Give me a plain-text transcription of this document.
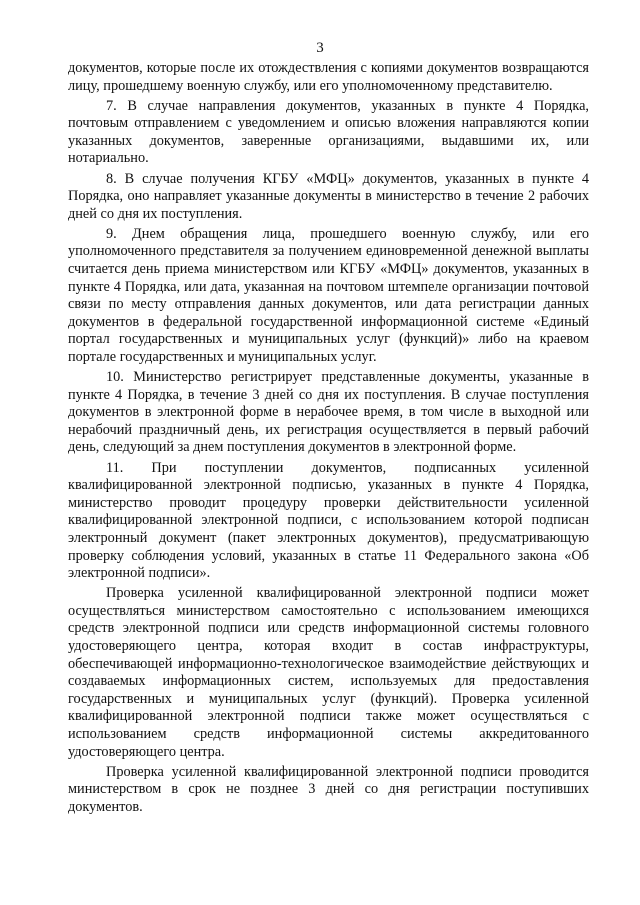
3

документов, которые после их отождествления с копиями документов возвращаются лицу, прошедшему военную службу, или его уполномоченному представителю.

7. В случае направления документов, указанных в пункте 4 Порядка, почтовым отправлением с уведомлением и описью вложения направляются копии указанных документов, заверенные организациями, выдавшими их, или нотариально.

8. В случае получения КГБУ «МФЦ» документов, указанных в пункте 4 Порядка, оно направляет указанные документы в министерство в течение 2 рабочих дней со дня их поступления.

9. Днем обращения лица, прошедшего военную службу, или его уполномоченного представителя за получением единовременной денежной выплаты считается день приема министерством или КГБУ «МФЦ» документов, указанных в пункте 4 Порядка, или дата, указанная на почтовом штемпеле организации почтовой связи по месту отправления данных документов, или дата регистрации данных документов в федеральной государственной информационной системе «Единый портал государственных и муниципальных услуг (функций)» либо на краевом портале государственных и муниципальных услуг.

10. Министерство регистрирует представленные документы, указанные в пункте 4 Порядка, в течение 3 дней со дня их поступления. В случае поступления документов в электронной форме в нерабочее время, в том числе в выходной или нерабочий праздничный день, их регистрация осуществляется в первый рабочий день, следующий за днем поступления документов в электронной форме.

11. При поступлении документов, подписанных усиленной квалифицированной электронной подписью, указанных в пункте 4 Порядка, министерство проводит процедуру проверки действительности усиленной квалифицированной электронной подписи, с использованием которой подписан электронный документ (пакет электронных документов), предусматривающую проверку соблюдения условий, указанных в статье 11 Федерального закона «Об электронной подписи».

Проверка усиленной квалифицированной электронной подписи может осуществляться министерством самостоятельно с использованием имеющихся средств электронной подписи или средств информационной системы головного удостоверяющего центра, которая входит в состав инфраструктуры, обеспечивающей информационно-технологическое взаимодействие действующих и создаваемых информационных систем, используемых для предоставления государственных и муниципальных услуг (функций). Проверка усиленной квалифицированной электронной подписи также может осуществляться с использованием средств информационной системы аккредитованного удостоверяющего центра.

Проверка усиленной квалифицированной электронной подписи проводится министерством в срок не позднее 3 дней со дня регистрации поступивших документов.
